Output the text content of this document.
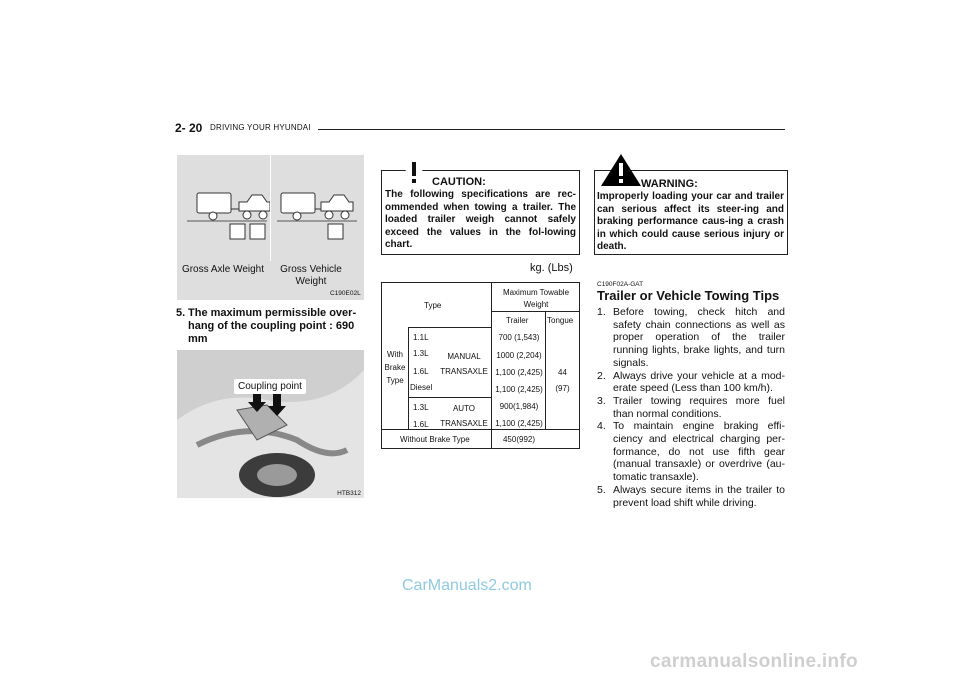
2- 20 DRIVING YOUR HYUNDAI
Gross Axle Weight	Gross Vehicle Weight
C190E02L
5. The maximum permissible over-hang of the coupling point : 690 mm
Coupling point
HTB312
CAUTION:
The following specifications are rec-ommended when towing a trailer. The loaded trailer weigh cannot safely exceed the values in the fol-lowing chart.
kg. (Lbs)
Type
Maximum Towable Weight
Trailer Tongue
With Brake Type
1.1L
1.3L
1.6L
Diesel
1.3L
1.6L
MANUAL TRANSAXLE
AUTO TRANSAXLE
700 (1,543)
1000 (2,204)
1,100 (2,425)
1,100 (2,425)
900(1,984)
1,100 (2,425)
44
(97)
Without Brake Type	450(992)
WARNING:
Improperly loading your car and trailer can serious affect its steer-ing and braking performance caus-ing a crash in which could cause serious injury or death.
C190F02A-GAT
Trailer or Vehicle Towing Tips
1. Before towing, check hitch and safety chain connections as well as proper operation of the trailer running lights, brake lights, and turn signals.
2. Always drive your vehicle at a mod-erate speed (Less than 100 km/h).
3. Trailer towing requires more fuel than normal conditions.
4. To maintain engine braking effi-ciency and electrical charging per-formance, do not use fifth gear (manual transaxle) or overdrive (au-tomatic transaxle).
5. Always secure items in the trailer to prevent load shift while driving.
CarManuals2.com
carmanualsonline.info
